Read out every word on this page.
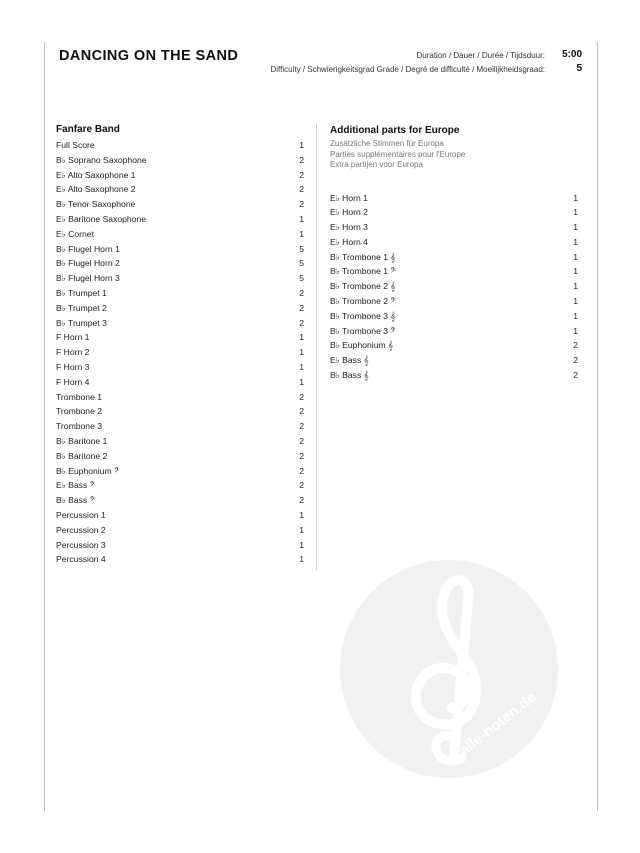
DANCING ON THE SAND	Duration / Dauer / Durée / Tijdsduur: 5:00
Difficulty / Schwierigkeitsgrad Grade / Degré de difficulté / Moeilijkheidsgraad:	5
Fanfare Band
Full Score	1
B♭ Soprano Saxophone	2
E♭ Alto Saxophone 1	2
E♭ Alto Saxophone 2	2
B♭ Tenor Saxophone	2
E♭ Baritone Saxophone	1
E♭ Cornet	1
B♭ Flugel Horn 1	5
B♭ Flugel Horn 2	5
B♭ Flugel Horn 3	5
B♭ Trumpet 1	2
B♭ Trumpet 2	2
B♭ Trumpet 3	2
F Horn 1	1
F Horn 2	1
F Horn 3	1
F Horn 4	1
Trombone 1	2
Trombone 2	2
Trombone 3	2
B♭ Baritone 1	2
B♭ Baritone 2	2
B♭ Euphonium 𝄢	2
E♭ Bass 𝄢	2
B♭ Bass 𝄢	2
Percussion 1	1
Percussion 2	1
Percussion 3	1
Percussion 4	1
Additional parts for Europe
Zusätzliche Stimmen für Europa
Parties supplémentaires pour l'Europe
Extra partijen voor Europa
E♭ Horn 1	1
E♭ Horn 2	1
E♭ Horn 3	1
E♭ Horn 4	1
B♭ Trombone 1 𝄞	1
B♭ Trombone 1 𝄢	1
B♭ Trombone 2 𝄞	1
B♭ Trombone 2 𝄢	1
B♭ Trombone 3 𝄞	1
B♭ Trombone 3 𝄢	1
B♭ Euphonium 𝄞	2
E♭ Bass 𝄞	2
B♭ Bass 𝄞	2
alle-noten.de
